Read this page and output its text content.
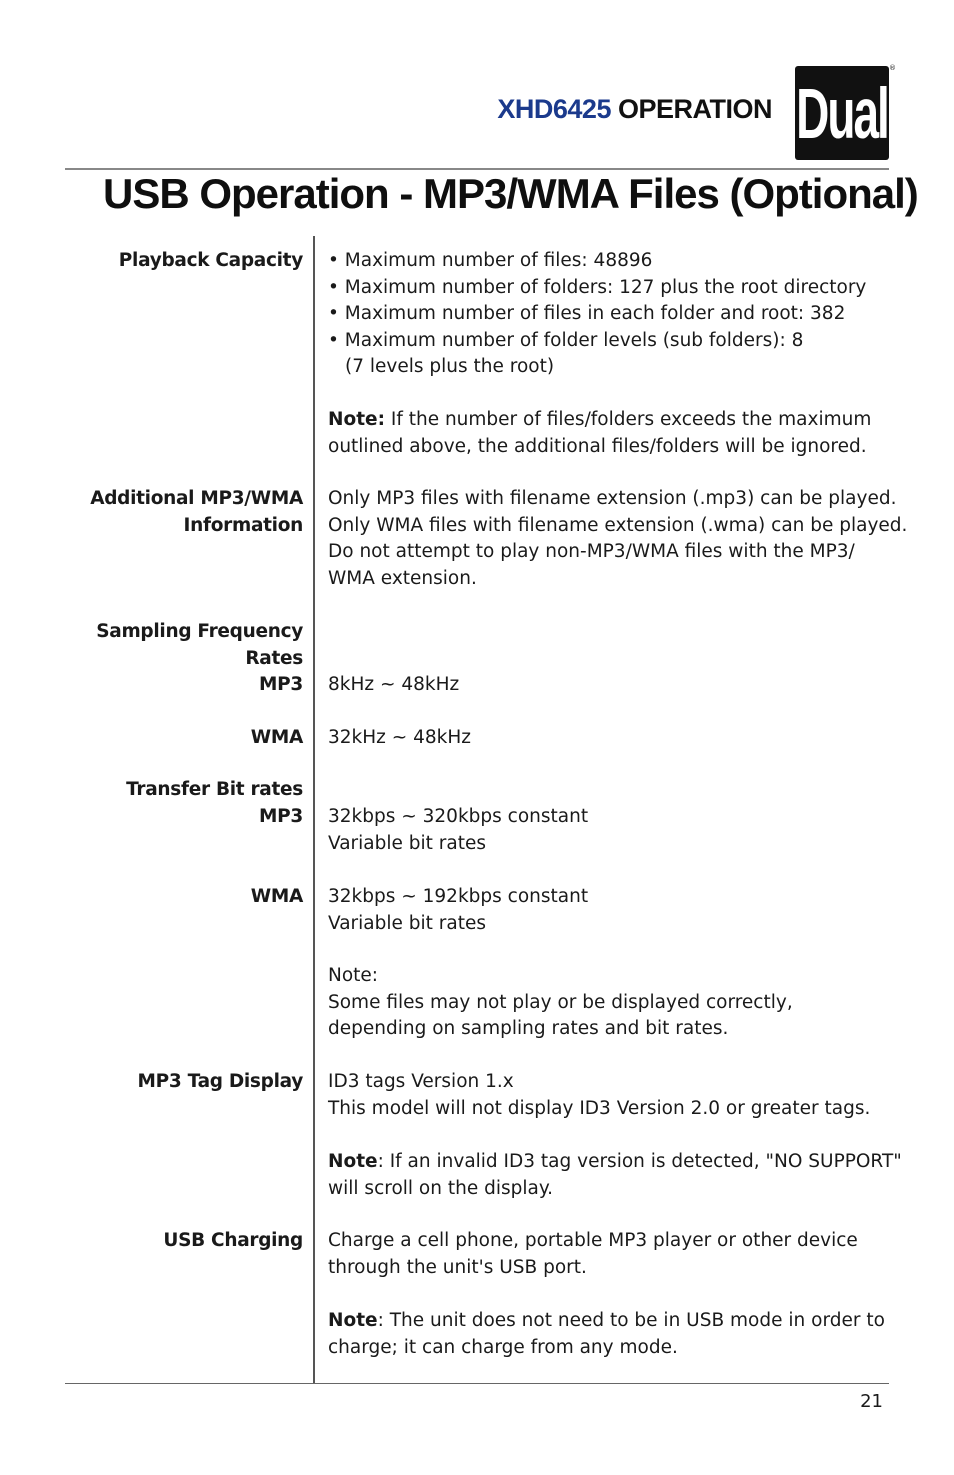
XHD6425 OPERATION Dual
®
USB Operation - MP3/WMA Files (Optional)
Playback Capacity • Maximum number of files: 48896
• Maximum number of folders: 127 plus the root directory
• Maximum number of files in each folder and root: 382
• Maximum number of folder levels (sub folders): 8
(7 levels plus the root)
Note: If the number of files/folders exceeds the maximum
outlined above, the additional files/folders will be ignored.
Additional MP3/WMA
Information
Only MP3 files with filename extension (.mp3) can be played.
Only WMA files with filename extension (.wma) can be played.
Do not attempt to play non-MP3/WMA files with the MP3/
WMA extension.
Sampling Frequency
Rates
MP3 8kHz ~ 48kHz
WMA 32kHz ~ 48kHz
Transfer Bit rates
MP3 32kbps ~ 320kbps constant
Variable bit rates
WMA 32kbps ~ 192kbps constant
Variable bit rates
Note:
Some files may not play or be displayed correctly,
depending on sampling rates and bit rates.
MP3 Tag Display ID3 tags Version 1.x
This model will not display ID3 Version 2.0 or greater tags.
Note: If an invalid ID3 tag version is detected, "NO SUPPORT"
will scroll on the display.
USB Charging Charge a cell phone, portable MP3 player or other device
through the unit's USB port.
Note: The unit does not need to be in USB mode in order to
charge; it can charge from any mode.
21
